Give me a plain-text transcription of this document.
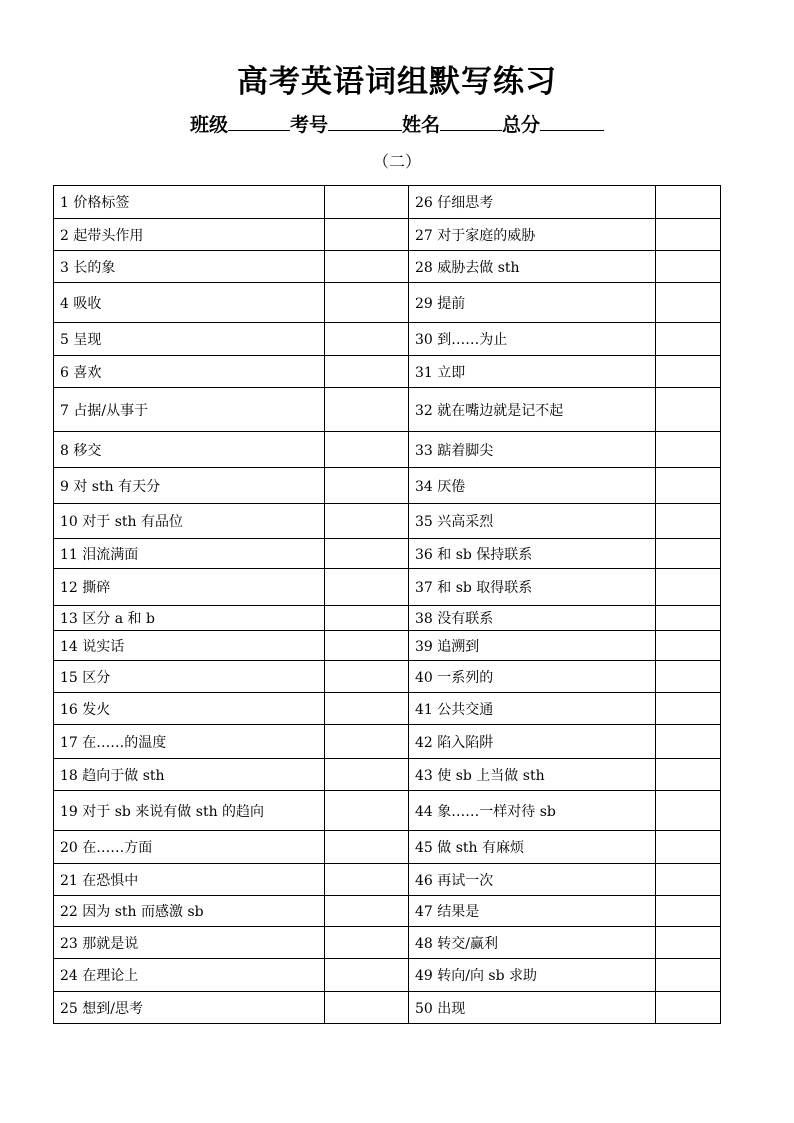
高考英语词组默写练习
班级	考号	姓名	总分
（二）
1 价格标签		26 仔细思考	
2 起带头作用		27 对于家庭的威胁	
3 长的象		28 威胁去做 sth	
4 吸收		29 提前	
5 呈现		30 到……为止	
6 喜欢		31 立即	
7 占据/从事于		32 就在嘴边就是记不起	
8 移交		33 踮着脚尖	
9 对 sth 有天分		34 厌倦	
10 对于 sth 有品位		35 兴高采烈	
11 泪流满面		36 和 sb 保持联系	
12 撕碎		37 和 sb 取得联系	
13 区分 a 和 b		38 没有联系	
14 说实话		39 追溯到	
15 区分		40 一系列的	
16 发火		41 公共交通	
17 在……的温度		42 陷入陷阱	
18 趋向于做 sth		43 使 sb 上当做 sth	
19 对于 sb 来说有做 sth 的趋向		44 象……一样对待 sb	
20 在……方面		45 做 sth 有麻烦	
21 在恐惧中		46 再试一次	
22 因为 sth 而感激 sb		47 结果是	
23 那就是说		48 转交/赢利	
24 在理论上		49 转向/向 sb 求助	
25 想到/思考		50 出现	
